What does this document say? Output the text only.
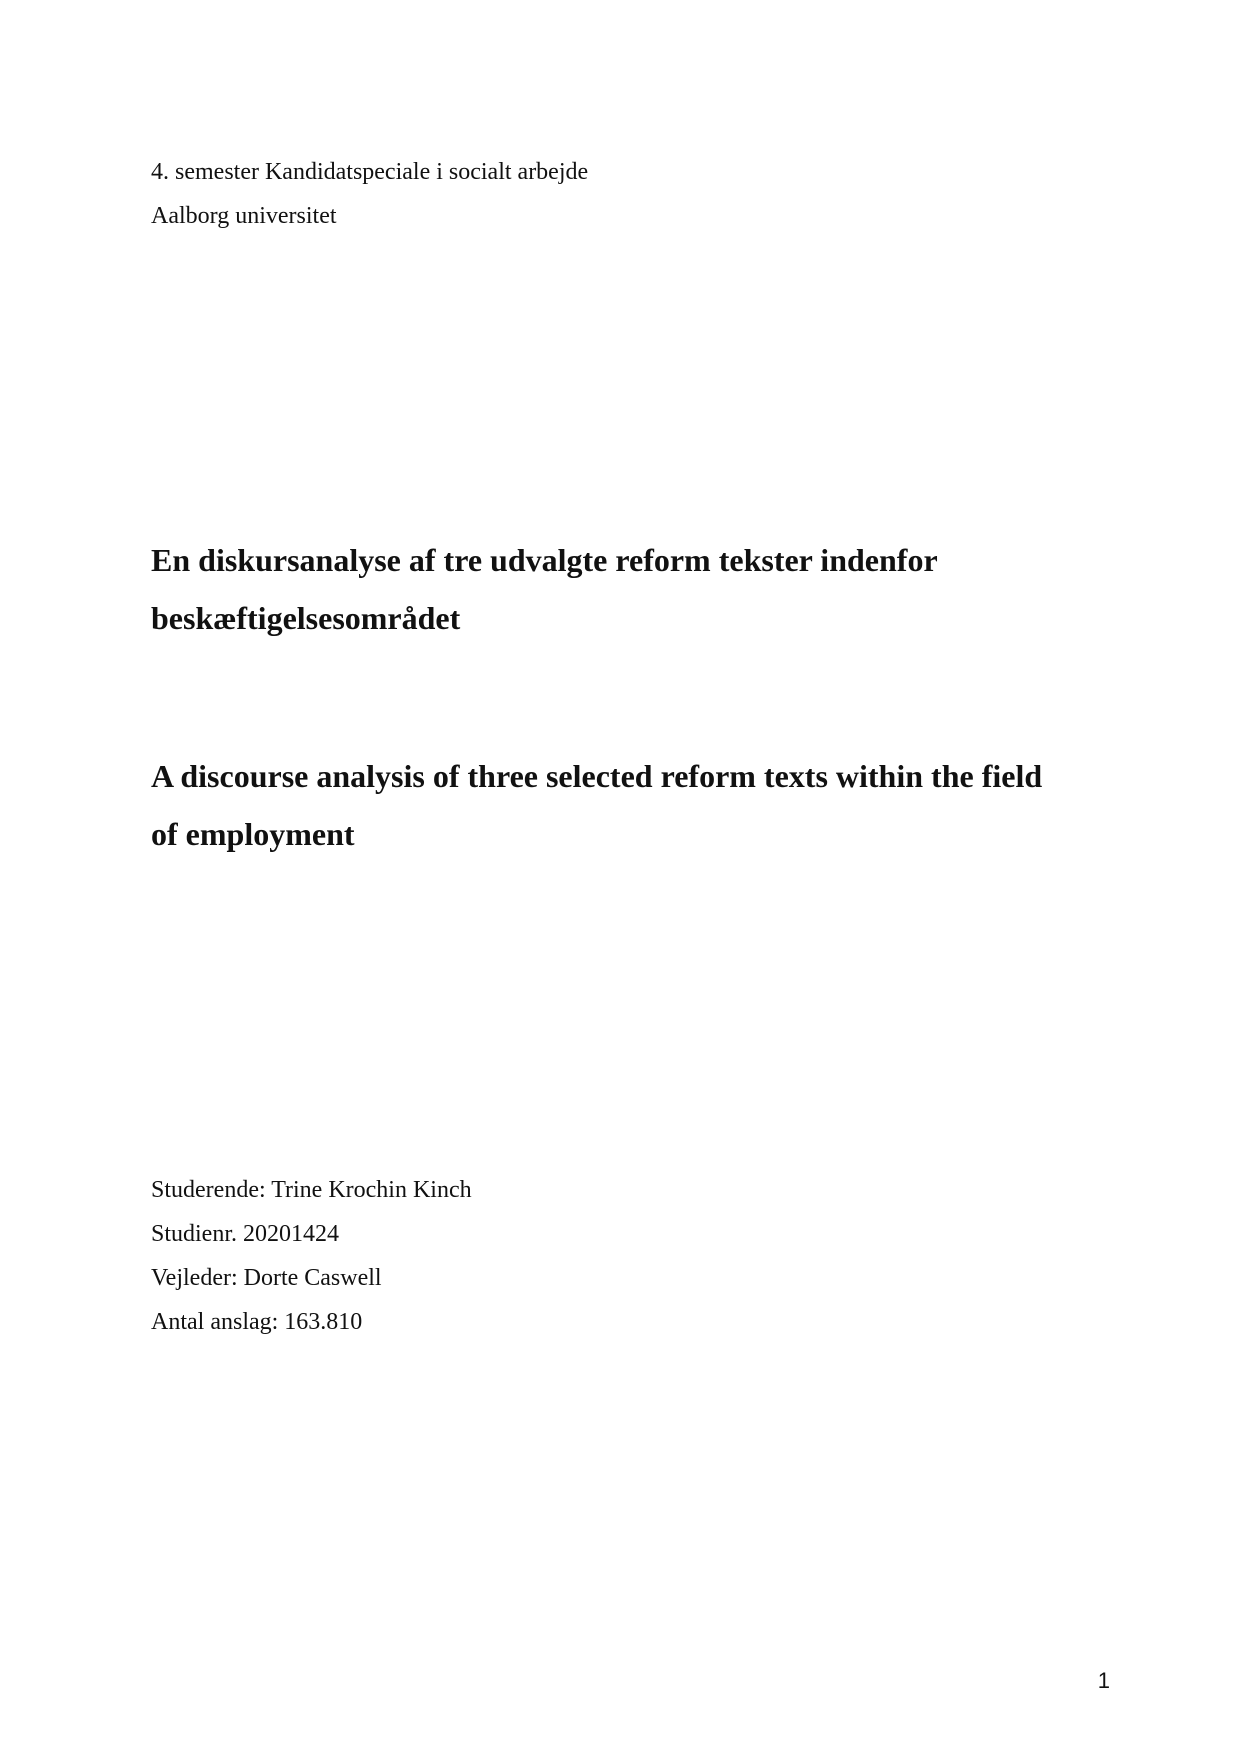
4. semester Kandidatspeciale i socialt arbejde
Aalborg universitet
En diskursanalyse af tre udvalgte reform tekster indenfor
beskæftigelsesområdet
A discourse analysis of three selected reform texts within the field
of employment
Studerende: Trine Krochin Kinch
Studienr. 20201424
Vejleder: Dorte Caswell
Antal anslag: 163.810
1
